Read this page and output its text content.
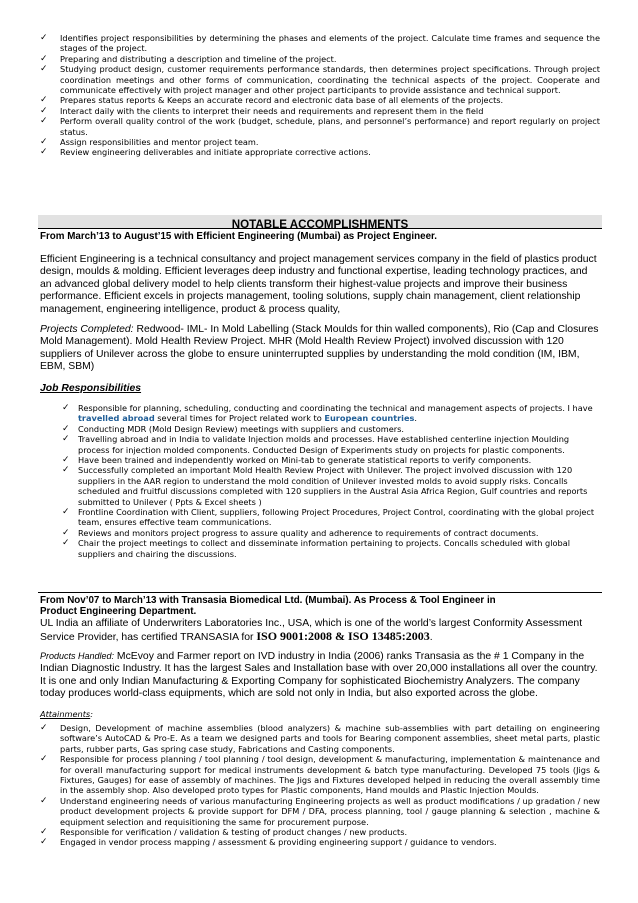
✓ Identifies project responsibilities by determining the phases and elements of the project. Calculate time frames and sequence the stages of the project.
✓ Preparing and distributing a description and timeline of the project.
✓ Studying product design, customer requirements performance standards, then determines project specifications. Through project coordination meetings and other forms of communication, coordinating the technical aspects of the project. Cooperate and communicate effectively with project manager and other project participants to provide assistance and technical support.
✓ Prepares status reports & Keeps an accurate record and electronic data base of all elements of the projects.
✓ Interact daily with the clients to interpret their needs and requirements and represent them in the field
✓ Perform overall quality control of the work (budget, schedule, plans, and personnel’s performance) and report regularly on project status.
✓ Assign responsibilities and mentor project team.
✓ Review engineering deliverables and initiate appropriate corrective actions.
NOTABLE ACCOMPLISHMENTS
From March’13 to August’15 with Efficient Engineering (Mumbai) as Project Engineer.
Efficient Engineering is a technical consultancy and project management services company in the field of plastics product design, moulds & molding. Efficient leverages deep industry and functional expertise, leading technology practices, and an advanced global delivery model to help clients transform their highest-value projects and improve their business performance. Efficient excels in projects management, tooling solutions, supply chain management, client relationship management, engineering intelligence, product & process quality,
Projects Completed: Redwood- IML- In Mold Labelling (Stack Moulds for thin walled components), Rio (Cap and Closures Mold Management). Mold Health Review Project. MHR (Mold Health Review Project) involved discussion with 120 suppliers of Unilever across the globe to ensure uninterrupted supplies by understanding the mold condition (IM, IBM, EBM, SBM)
Job Responsibilities
✓ Responsible for planning, scheduling, conducting and coordinating the technical and management aspects of projects. I have travelled abroad several times for Project related work to European countries.
✓ Conducting MDR (Mold Design Review) meetings with suppliers and customers.
✓ Travelling abroad and in India to validate Injection molds and processes. Have established centerline injection Moulding process for injection molded components. Conducted Design of Experiments study on projects for plastic components.
✓ Have been trained and independently worked on Mini-tab to generate statistical reports to verify components.
✓ Successfully completed an important Mold Health Review Project with Unilever. The project involved discussion with 120 suppliers in the AAR region to understand the mold condition of Unilever invested molds to avoid supply risks. Concalls scheduled and fruitful discussions completed with 120 suppliers in the Austral Asia Africa Region, Gulf countries and reports submitted to Unilever ( Ppts & Excel sheets )
✓ Frontline Coordination with Client, suppliers, following Project Procedures, Project Control, coordinating with the global project team, ensures effective team communications.
✓ Reviews and monitors project progress to assure quality and adherence to requirements of contract documents.
✓ Chair the project meetings to collect and disseminate information pertaining to projects. Concalls scheduled with global suppliers and chairing the discussions.
From Nov’07 to March’13 with Transasia Biomedical Ltd. (Mumbai). As Process & Tool Engineer in
Product Engineering Department.
UL India an affiliate of Underwriters Laboratories Inc., USA, which is one of the world’s largest Conformity Assessment Service Provider, has certified TRANSASIA for ISO 9001:2008 & ISO 13485:2003.
Products Handled: McEvoy and Farmer report on IVD industry in India (2006) ranks Transasia as the # 1 Company in the Indian Diagnostic Industry. It has the largest Sales and Installation base with over 20,000 installations all over the country. It is one and only Indian Manufacturing & Exporting Company for sophisticated Biochemistry Analyzers. The company today produces world-class equipments, which are sold not only in India, but also exported across the globe.
Attainments:
✓ Design, Development of machine assemblies (blood analyzers) & machine sub-assemblies with part detailing on engineering software’s AutoCAD & Pro-E. As a team we designed parts and tools for Bearing component assemblies, sheet metal parts, plastic parts, rubber parts, Gas spring case study, Fabrications and Casting components.
✓ Responsible for process planning / tool planning / tool design, development & manufacturing, implementation & maintenance and for overall manufacturing support for medical instruments development & batch type manufacturing. Developed 75 tools (Jigs & Fixtures, Gauges) for ease of assembly of machines. The Jigs and Fixtures developed helped in reducing the overall assembly time in the assembly shop. Also developed proto types for Plastic components, Hand moulds and Plastic Injection Moulds.
✓ Understand engineering needs of various manufacturing Engineering projects as well as product modifications / up gradation / new product development projects & provide support for DFM / DFA, process planning, tool / gauge planning & selection , machine & equipment selection and requisitioning the same for procurement purpose.
✓ Responsible for verification / validation & testing of product changes / new products.
✓ Engaged in vendor process mapping / assessment & providing engineering support / guidance to vendors.
